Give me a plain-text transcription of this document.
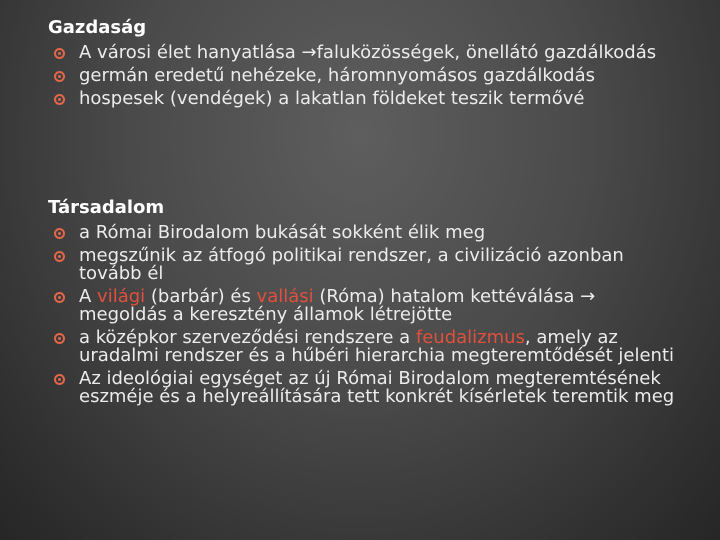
Gazdaság
A városi élet hanyatlása →faluközösségek, önellátó gazdálkodás
germán eredetű nehézeke, háromnyomásos gazdálkodás
hospesek (vendégek) a lakatlan földeket teszik termővé
Társadalom
a Római Birodalom bukását sokként élik meg
megszűnik az átfogó politikai rendszer, a civilizáció azonban tovább él
A világi (barbár) és vallási (Róma) hatalom kettéválása → megoldás a keresztény államok létrejötte
a középkor szerveződési rendszere a feudalizmus, amely az uradalmi rendszer és a hűbéri hierarchia megteremtődését jelenti
Az ideológiai egységet az új Római Birodalom megteremtésének eszméje és a helyreállítására tett konkrét kísérletek teremtik meg
